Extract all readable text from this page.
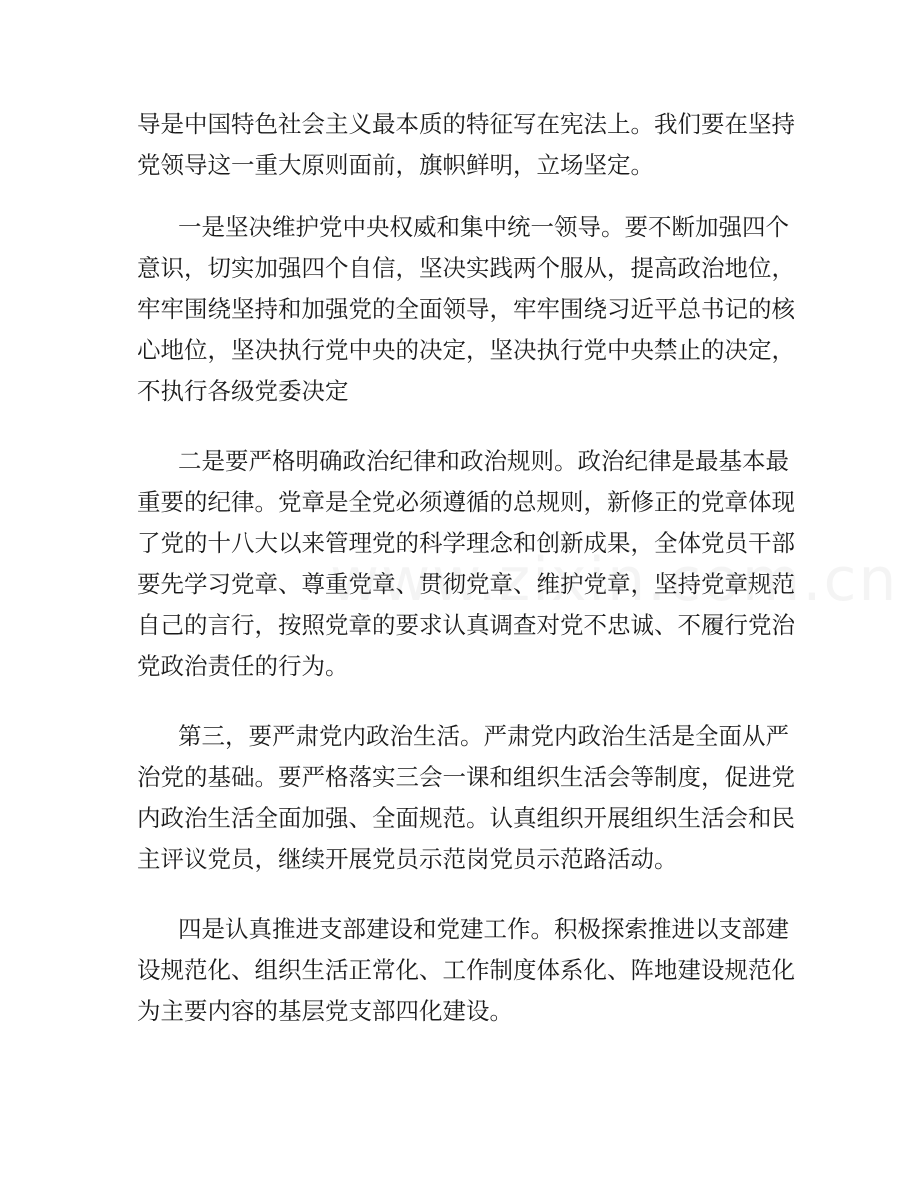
导是中国特色社会主义最本质的特征写在宪法上。我们要在坚持
党领导这一重大原则面前，旗帜鲜明，立场坚定。
一是坚决维护党中央权威和集中统一领导。要不断加强四个
意识，切实加强四个自信，坚决实践两个服从，提高政治地位，
牢牢围绕坚持和加强党的全面领导，牢牢围绕习近平总书记的核
心地位，坚决执行党中央的决定，坚决执行党中央禁止的决定，
不执行各级党委决定
二是要严格明确政治纪律和政治规则。政治纪律是最基本最
重要的纪律。党章是全党必须遵循的总规则，新修正的党章体现
了党的十八大以来管理党的科学理念和创新成果，全体党员干部
要先学习党章、尊重党章、贯彻党章、维护党章，坚持党章规范
自己的言行，按照党章的要求认真调查对党不忠诚、不履行党治
党政治责任的行为。
第三，要严肃党内政治生活。严肃党内政治生活是全面从严
治党的基础。要严格落实三会一课和组织生活会等制度，促进党
内政治生活全面加强、全面规范。认真组织开展组织生活会和民
主评议党员，继续开展党员示范岗党员示范路活动。
四是认真推进支部建设和党建工作。积极探索推进以支部建
设规范化、组织生活正常化、工作制度体系化、阵地建设规范化
为主要内容的基层党支部四化建设。
